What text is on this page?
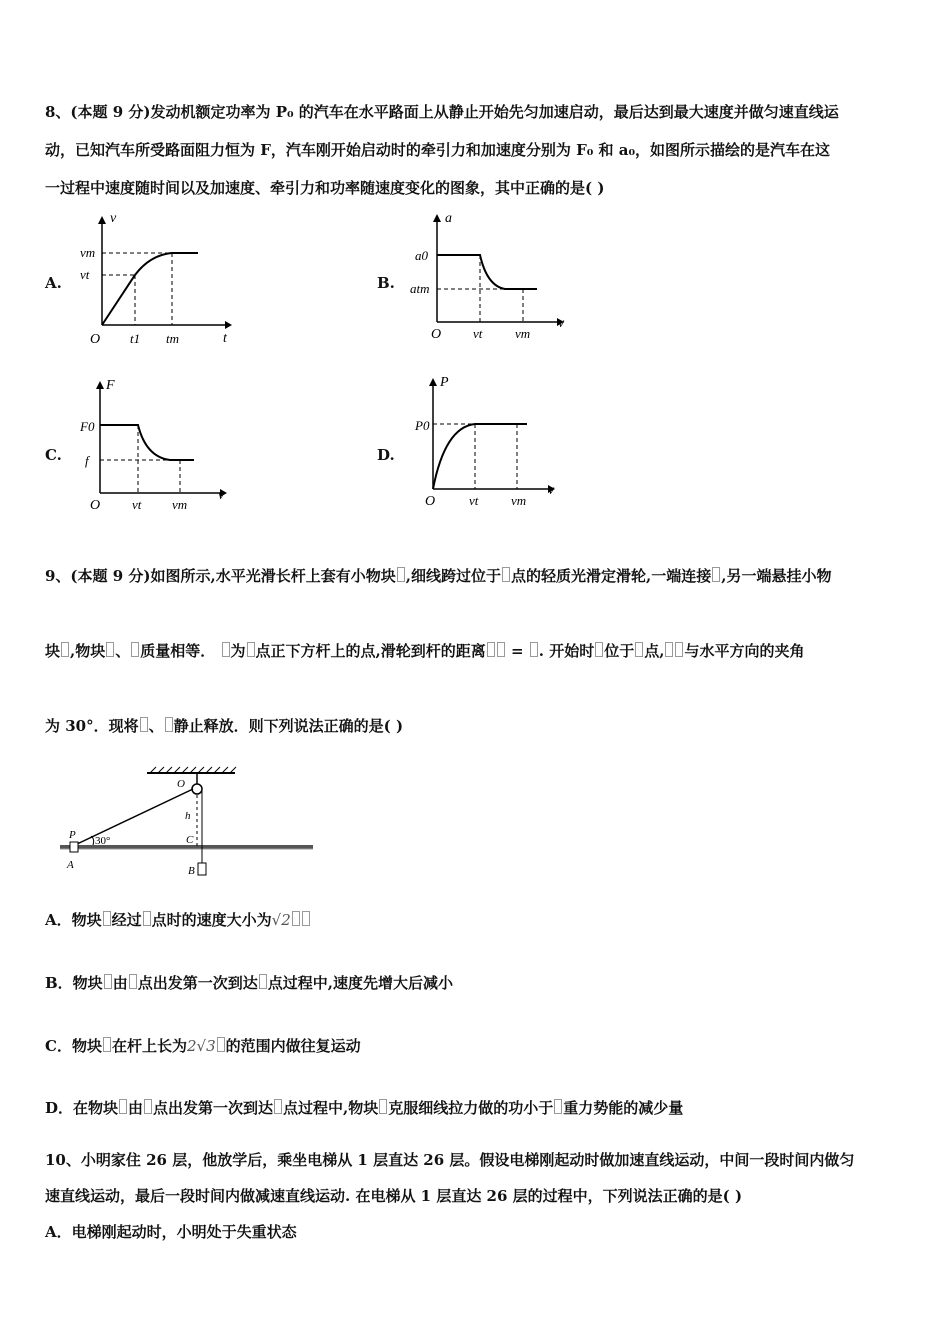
8、(本题 9 分)发动机额定功率为 P₀ 的汽车在水平路面上从静止开始先匀加速启动，最后达到最大速度并做匀速直线运
动，已知汽车所受路面阻力恒为 F，汽车刚开始启动时的牵引力和加速度分别为 F₀ 和 a₀，如图所示描绘的是汽车在这
一过程中速度随时间以及加速度、牵引力和功率随速度变化的图象，其中正确的是( )
A.
v
t
O
vm
vt
t1 tm
B.
a
v
O
a0
atm
vt	vm
C.
F
v
O
F0
f
vt vm
D.
P
v
O
P0
vt	vm
9、(本题 9 分)如图所示,水平光滑长杆上套有小物块 ,细线跨过位于 点的轻质光滑定滑轮,一端连接 ,另一端悬挂小物
块 ,物块 、 质量相等． 为 点正下方杆上的点,滑轮到杆的距离 = . 开始时 位于 点, 与水平方向的夹角
为 30°．现将 、 静止释放．则下列说法正确的是( )
30°
O
h
P
A
C
B
A．物块 经过 点时的速度大小为√2
B．物块 由 点出发第一次到达 点过程中,速度先增大后减小
C．物块 在杆上长为2√3 的范围内做往复运动
D．在物块 由 点出发第一次到达 点过程中,物块 克服细线拉力做的功小于 重力势能的减少量
10、小明家住 26 层，他放学后，乘坐电梯从 1 层直达 26 层。假设电梯刚起动时做加速直线运动，中间一段时间内做匀
速直线运动，最后一段时间内做减速直线运动. 在电梯从 1 层直达 26 层的过程中，下列说法正确的是( )
A．电梯刚起动时，小明处于失重状态
